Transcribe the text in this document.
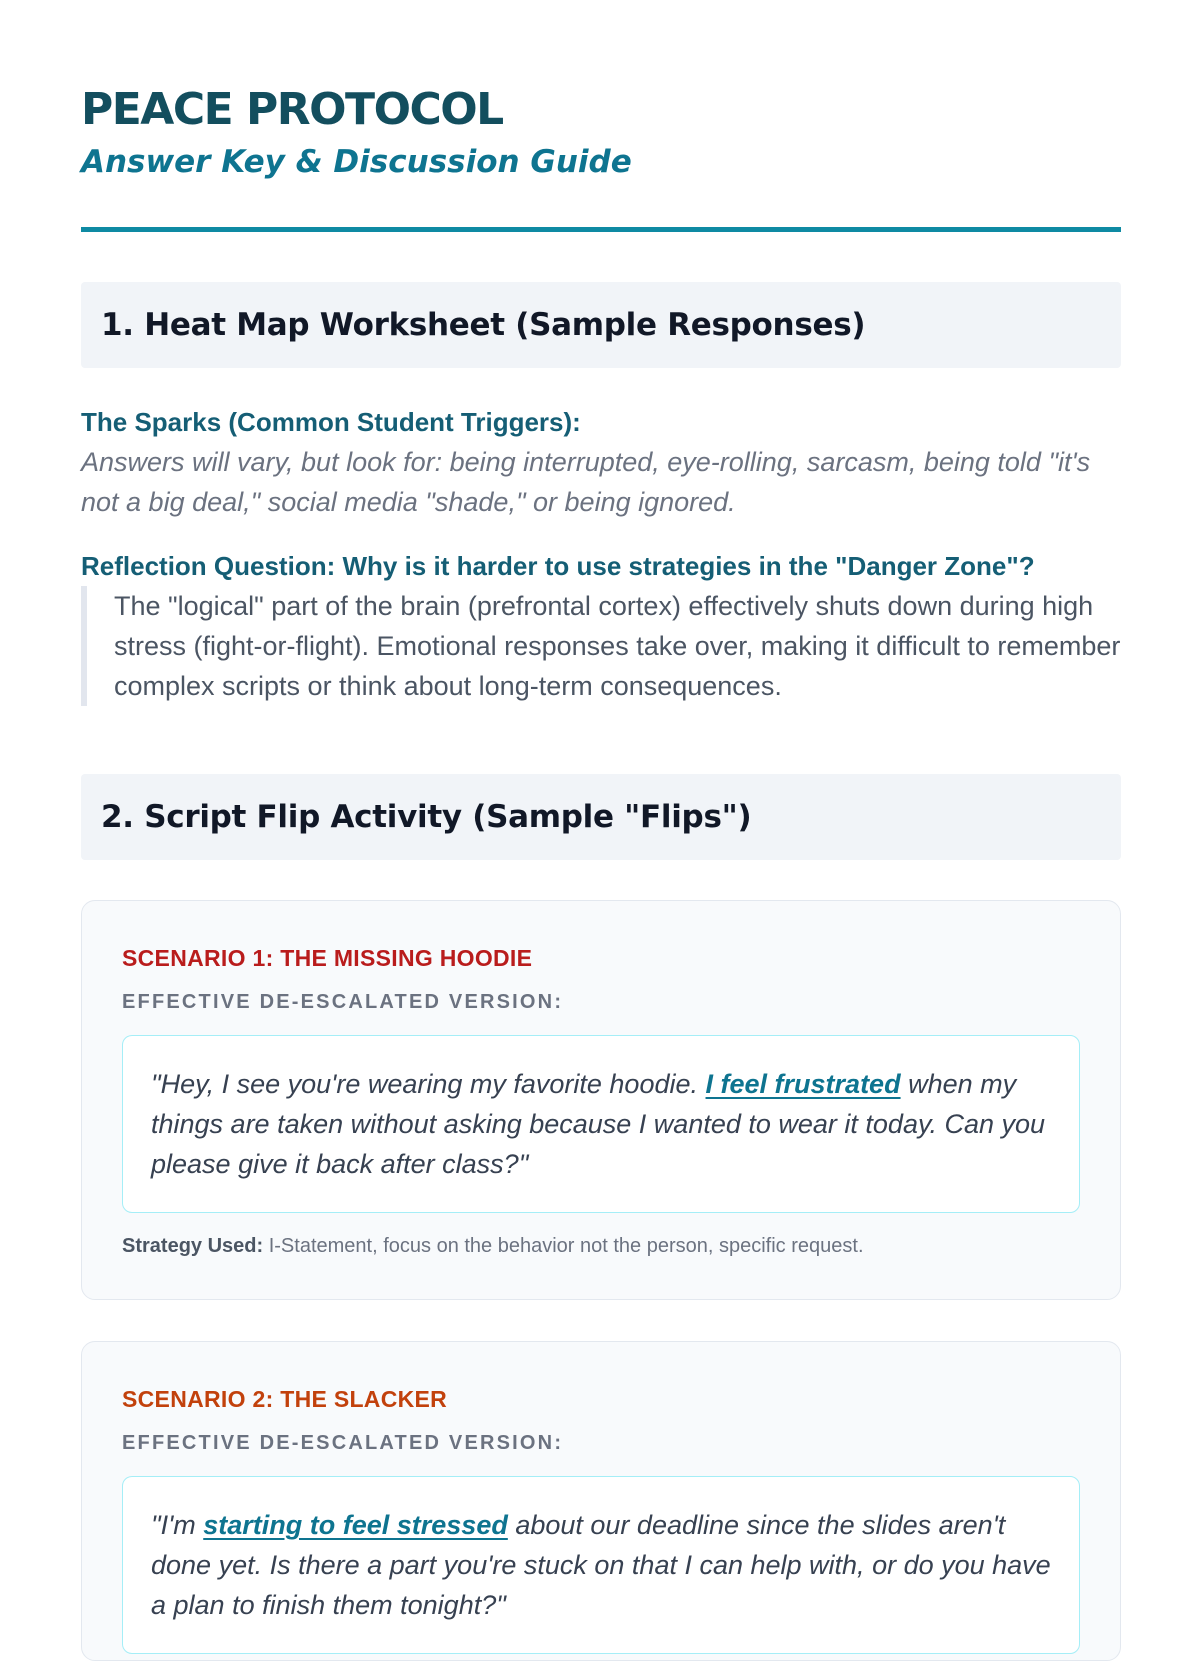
PEACE PROTOCOL
Answer Key & Discussion Guide
1. Heat Map Worksheet (Sample Responses)
The Sparks (Common Student Triggers):

Answers will vary, but look for: being interrupted, eye-rolling, sarcasm, being told "it's not a big deal," social media "shade," or being ignored.

Reflection Question: Why is it harder to use strategies in the "Danger Zone"?

The "logical" part of the brain (prefrontal cortex) effectively shuts down during high stress (fight-or-flight). Emotional responses take over, making it difficult to remember complex scripts or think about long-term consequences.

2. Script Flip Activity (Sample "Flips")
SCENARIO 1: THE MISSING HOODIE
EFFECTIVE DE-ESCALATED VERSION:

"Hey, I see you're wearing my favorite hoodie. I feel frustrated when my things are taken without asking because I wanted to wear it today. Can you please give it back after class?"

Strategy Used: I-Statement, focus on the behavior not the person, specific request.

SCENARIO 2: THE SLACKER
EFFECTIVE DE-ESCALATED VERSION:

"I'm starting to feel stressed about our deadline since the slides aren't done yet. Is there a part you're stuck on that I can help with, or do you have a plan to finish them tonight?"
